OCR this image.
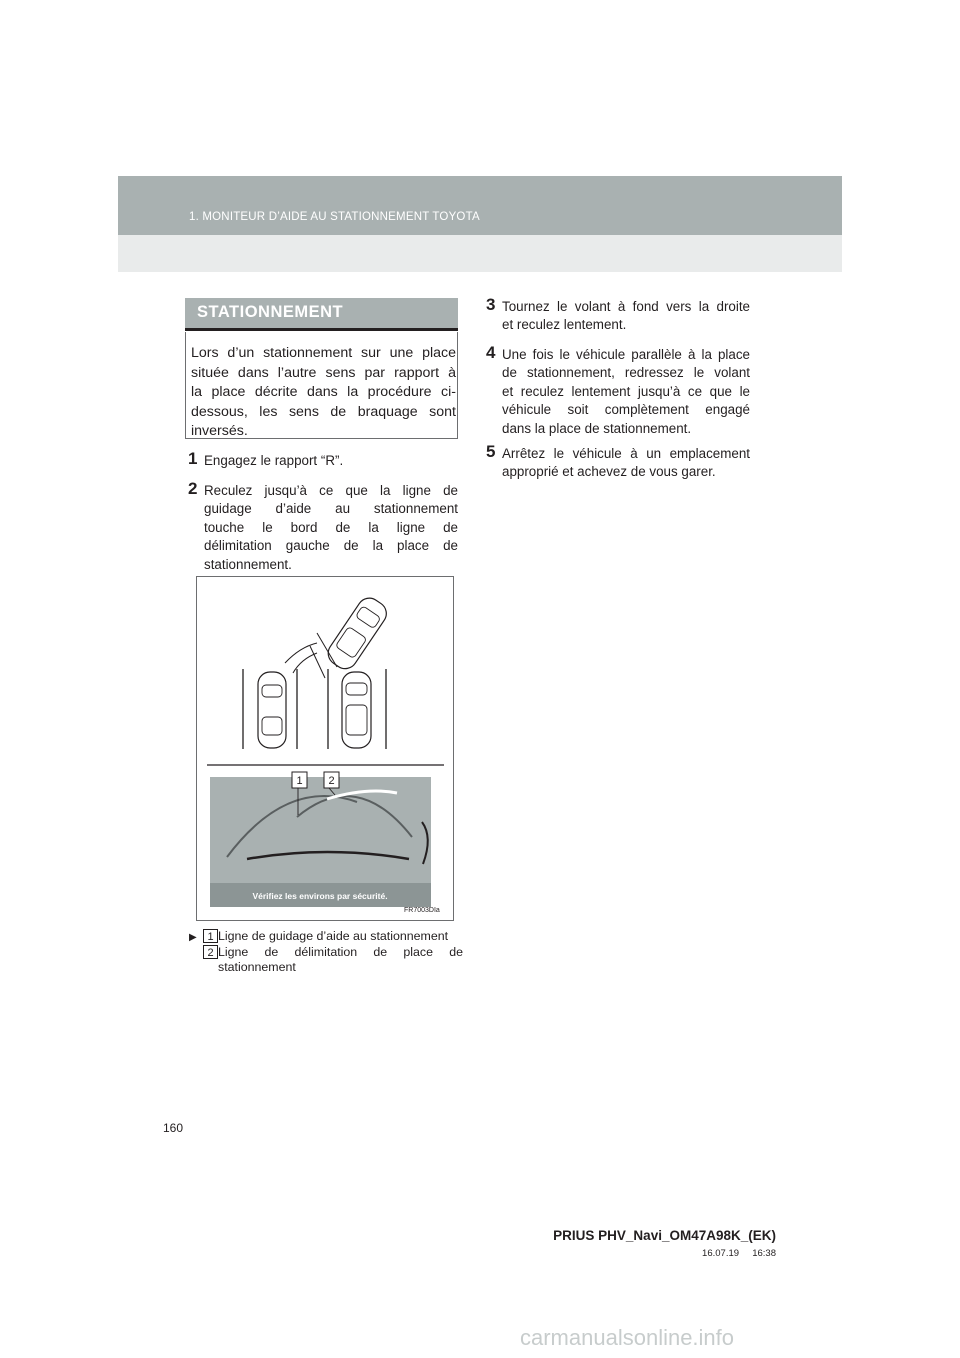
1. MONITEUR D’AIDE AU STATIONNEMENT TOYOTA
STATIONNEMENT
Lors d’un stationnement sur une place
située dans l’autre sens par rapport à
la place décrite dans la procédure ci-
dessous, les sens de braquage sont
inversés.
1 Engagez le rapport “R”.
2 Reculez jusqu’à ce que la ligne de
guidage d’aide au stationnement
touche le bord de la ligne de
délimitation gauche de la place de
stationnement.
Vérifiez les environs par sécurité.
1 2
FR7003DIa
▶ 1 Ligne de guidage d’aide au stationnement
2 Ligne de délimitation de place de
stationnement
3 Tournez le volant à fond vers la droite
et reculez lentement.
4 Une fois le véhicule parallèle à la place
de stationnement, redressez le volant
et reculez lentement jusqu’à ce que le
véhicule soit complètement engagé
dans la place de stationnement.
5 Arrêtez le véhicule à un emplacement
approprié et achevez de vous garer.
160
PRIUS PHV_Navi_OM47A98K_(EK)
16.07.19     16:38
carmanualsonline.info
